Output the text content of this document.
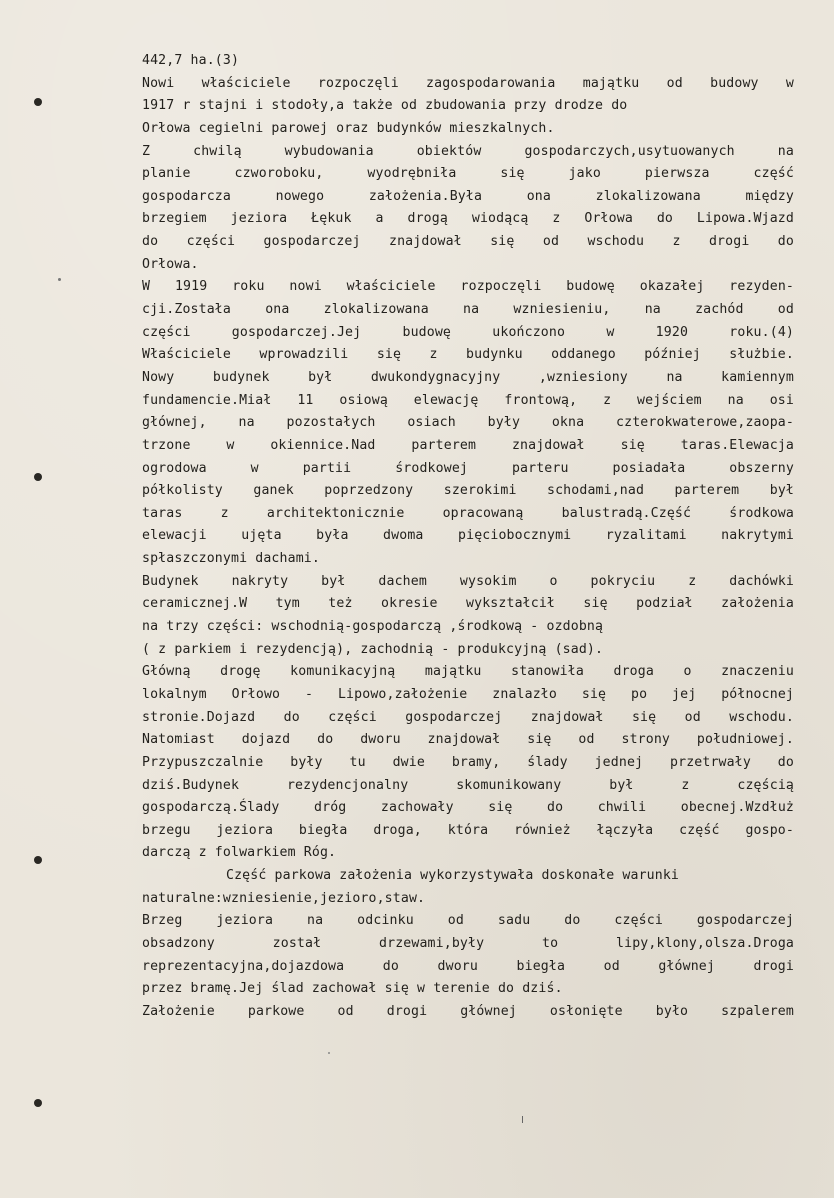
442,7 ha.(3)
Nowi właściciele rozpoczęli zagospodarowania majątku od budowy w
1917 r stajni i stodoły,a także od zbudowania przy drodze do
Orłowa cegielni parowej oraz budynków mieszkalnych.
Z chwilą wybudowania obiektów gospodarczych,usytuowanych na
planie czworoboku, wyodrębniła się jako pierwsza część
gospodarcza nowego założenia.Była ona zlokalizowana między
brzegiem jeziora Łękuk a drogą wiodącą z Orłowa do Lipowa.Wjazd
do części gospodarczej znajdował się od wschodu z drogi do
Orłowa.
W 1919 roku nowi właściciele rozpoczęli budowę okazałej rezyden-
cji.Została ona zlokalizowana na wzniesieniu, na zachód od
części gospodarczej.Jej budowę ukończono w 1920 roku.(4)
Właściciele wprowadzili się z budynku oddanego później służbie.
Nowy budynek był dwukondygnacyjny ,wzniesiony na kamiennym
fundamencie.Miał 11 osiową elewację frontową, z wejściem na osi
głównej, na pozostałych osiach były okna czterokwaterowe,zaopa-
trzone w okiennice.Nad parterem znajdował się taras.Elewacja
ogrodowa w partii środkowej parteru posiadała obszerny
półkolisty ganek poprzedzony szerokimi schodami,nad parterem był
taras z architektonicznie opracowaną balustradą.Część środkowa
elewacji ujęta była dwoma pięciobocznymi ryzalitami nakrytymi
spłaszczonymi dachami.
Budynek nakryty był dachem wysokim o pokryciu z dachówki
ceramicznej.W tym też okresie wykształcił się podział założenia
na trzy części: wschodnią-gospodarczą ,środkową - ozdobną
( z parkiem i rezydencją), zachodnią - produkcyjną (sad).
Główną drogę komunikacyjną majątku stanowiła droga o znaczeniu
lokalnym Orłowo - Lipowo,założenie znalazło się po jej północnej
stronie.Dojazd do części gospodarczej znajdował się od wschodu.
Natomiast dojazd do dworu znajdował się od strony południowej.
Przypuszczalnie były tu dwie bramy, ślady jednej przetrwały do
dziś.Budynek rezydencjonalny skomunikowany był z częścią
gospodarczą.Ślady dróg zachowały się do chwili obecnej.Wzdłuż
brzegu jeziora biegła droga, która również łączyła część gospo-
darczą z folwarkiem Róg.
Część parkowa założenia wykorzystywała doskonałe warunki
naturalne:wzniesienie,jezioro,staw.
Brzeg jeziora na odcinku od sadu do części gospodarczej
obsadzony został drzewami,były to lipy,klony,olsza.Droga
reprezentacyjna,dojazdowa do dworu biegła od głównej drogi
przez bramę.Jej ślad zachował się w terenie do dziś.
Założenie parkowe od drogi głównej osłonięte było szpalerem
